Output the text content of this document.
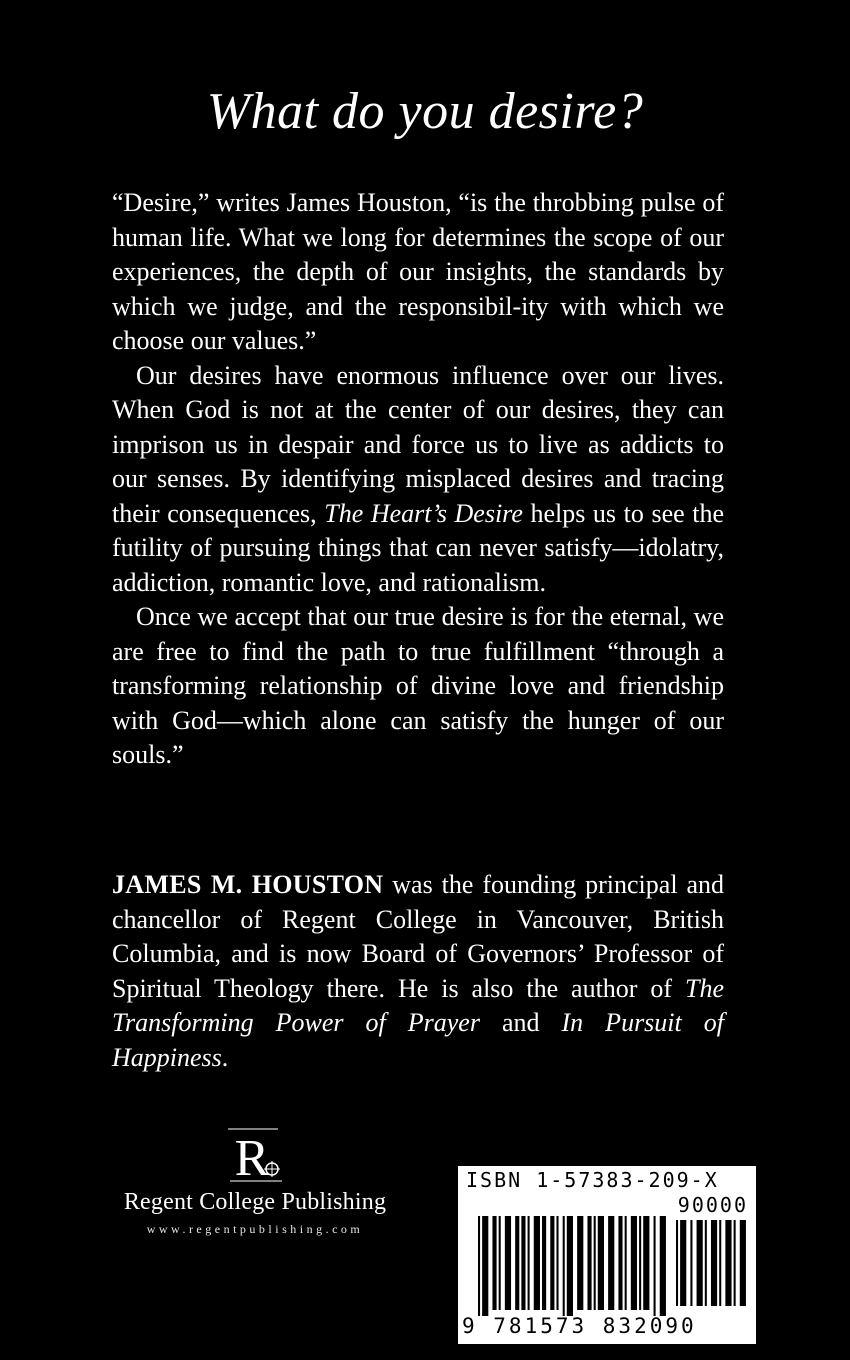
What do you desire?

“Desire,” writes James Houston, “is the throbbing pulse of human life. What we long for determines the scope of our experiences, the depth of our insights, the standards by which we judge, and the responsibil-ity with which we choose our values.”

Our desires have enormous influence over our lives. When God is not at the center of our desires, they can imprison us in despair and force us to live as addicts to our senses. By identifying misplaced desires and tracing their consequences, The Heart’s Desire helps us to see the futility of pursuing things that can never satisfy—idolatry, addiction, romantic love, and rationalism.

Once we accept that our true desire is for the eternal, we are free to find the path to true fulfillment “through a transforming relationship of divine love and friendship with God—which alone can satisfy the hunger of our souls.”

JAMES M. HOUSTON was the founding principal and chancellor of Regent College in Vancouver, British Columbia, and is now Board of Governors’ Professor of Spiritual Theology there. He is also the author of The Transforming Power of Prayer and In Pursuit of Happiness.
R
Regent College Publishing
www.regentpublishing.com
ISBN 1-57383-209-X
90000
9 781573 832090
